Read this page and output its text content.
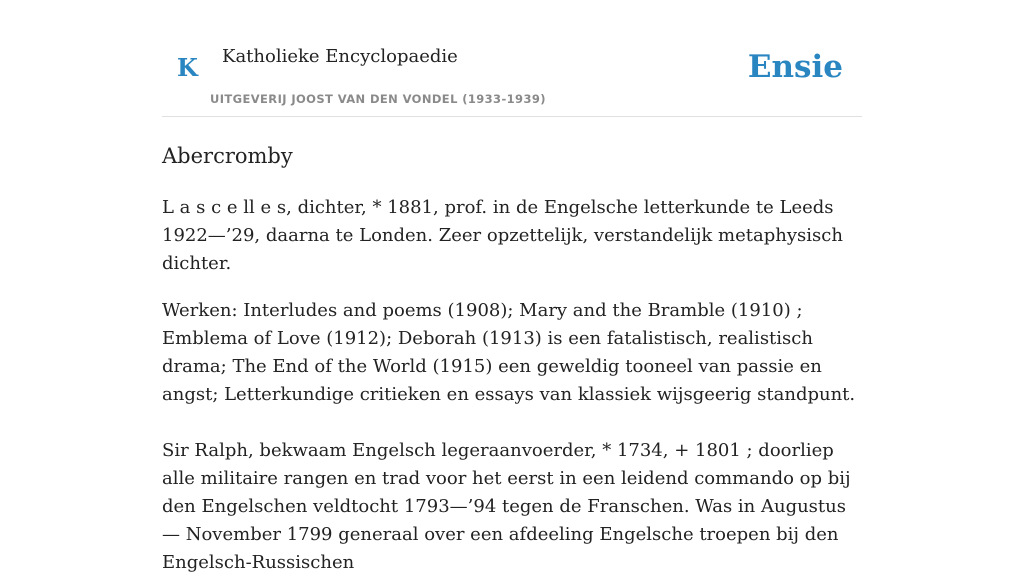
K Katholieke Encyclopaedie
UITGEVERIJ JOOST VAN DEN VONDEL (1933-1939)
Ensie
Abercromby

L a s c e ll e s, dichter, * 1881, prof. in de Engelsche letterkunde te Leeds 1922—’29, daarna te Londen. Zeer opzettelijk, verstandelijk metaphysisch dichter.

Werken: Interludes and poems (1908); Mary and the Bramble (1910) ; Emblema of Love (1912); Deborah (1913) is een fatalistisch, realistisch drama; The End of the World (1915) een geweldig tooneel van passie en angst; Letterkundige critieken en essays van klassiek wijsgeerig standpunt.

Sir Ralph, bekwaam Engelsch legeraanvoerder, * 1734, + 1801 ; doorliep alle militaire rangen en trad voor het eerst in een leidend commando op bij den Engelschen veldtocht 1793—’94 tegen de Franschen. Was in Augustus— November 1799 generaal over een afdeeling Engelsche troepen bij den Engelsch-Russischen
